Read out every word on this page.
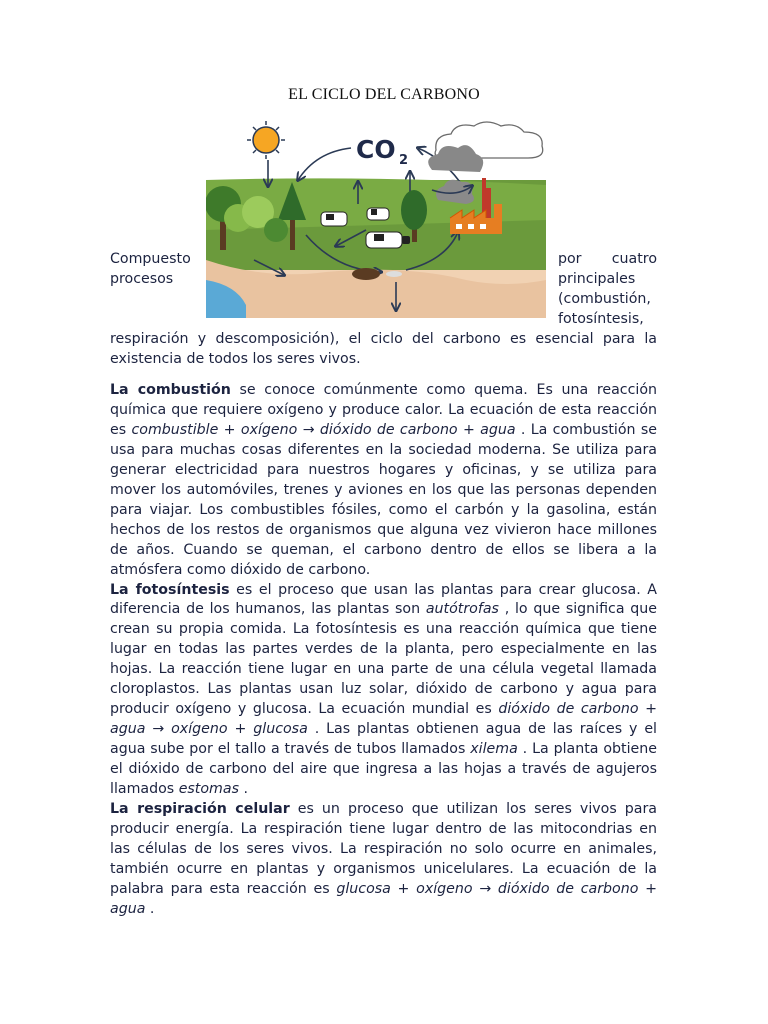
EL CICLO DEL CARBONO
CO 2
Compuesto	por cuatro
procesos	principales
(combustión,
fotosíntesis,
respiración y descomposición), el ciclo del carbono es esencial para la
existencia de todos los seres vivos.

La combustión se conoce comúnmente como quema. Es una reacción química que requiere oxígeno y produce calor. La ecuación de esta reacción es combustible + oxígeno → dióxido de carbono + agua . La combustión se usa para muchas cosas diferentes en la sociedad moderna. Se utiliza para generar electricidad para nuestros hogares y oficinas, y se utiliza para mover los automóviles, trenes y aviones en los que las personas dependen para viajar. Los combustibles fósiles, como el carbón y la gasolina, están hechos de los restos de organismos que alguna vez vivieron hace millones de años. Cuando se queman, el carbono dentro de ellos se libera a la atmósfera como dióxido de carbono.

La fotosíntesis es el proceso que usan las plantas para crear glucosa. A diferencia de los humanos, las plantas son autótrofas , lo que significa que crean su propia comida. La fotosíntesis es una reacción química que tiene lugar en todas las partes verdes de la planta, pero especialmente en las hojas. La reacción tiene lugar en una parte de una célula vegetal llamada cloroplastos. Las plantas usan luz solar, dióxido de carbono y agua para producir oxígeno y glucosa. La ecuación mundial es dióxido de carbono + agua → oxígeno + glucosa . Las plantas obtienen agua de las raíces y el agua sube por el tallo a través de tubos llamados xilema . La planta obtiene el dióxido de carbono del aire que ingresa a las hojas a través de agujeros llamados estomas .

La respiración celular es un proceso que utilizan los seres vivos para producir energía. La respiración tiene lugar dentro de las mitocondrias en las células de los seres vivos. La respiración no solo ocurre en animales, también ocurre en plantas y organismos unicelulares. La ecuación de la palabra para esta reacción es glucosa + oxígeno → dióxido de carbono + agua .
